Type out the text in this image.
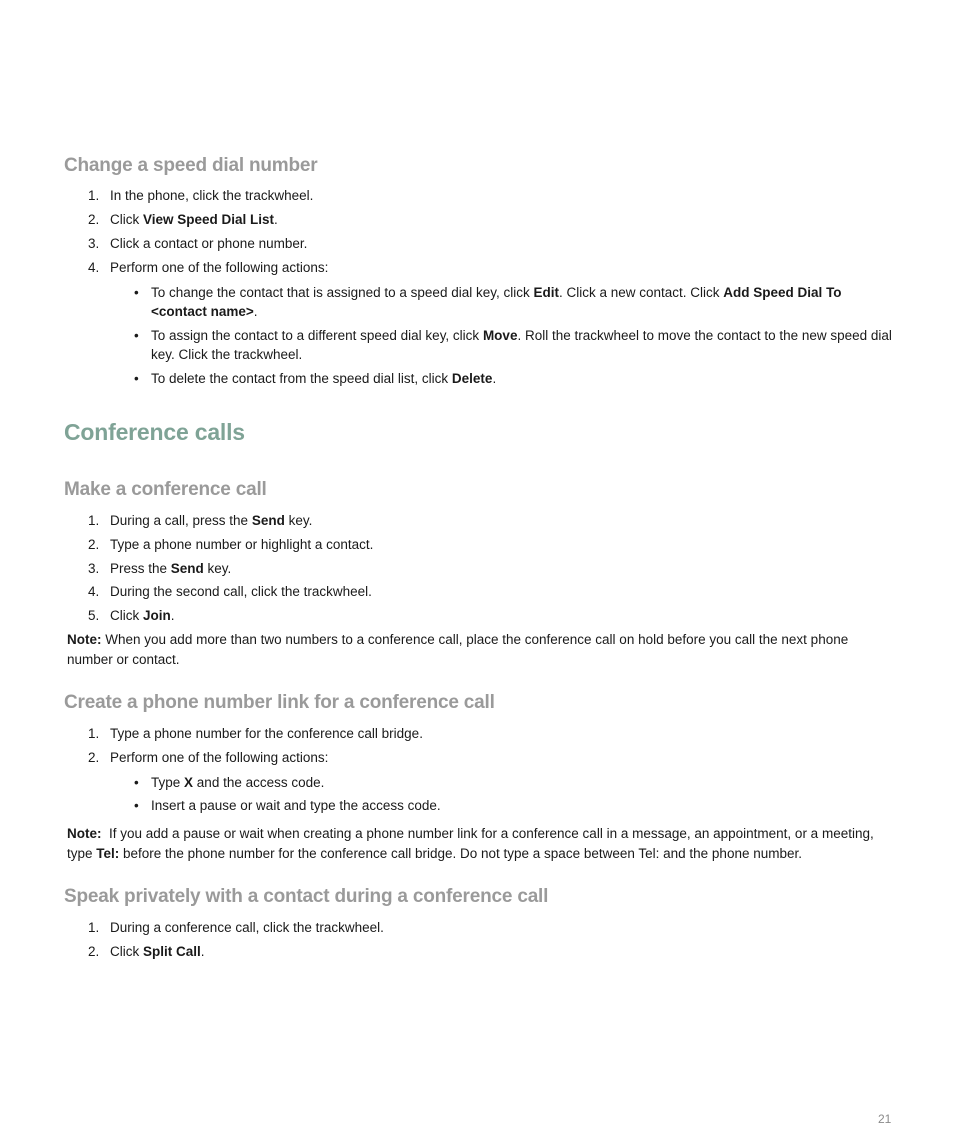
Change a speed dial number
1. In the phone, click the trackwheel.
2. Click View Speed Dial List.
3. Click a contact or phone number.
4. Perform one of the following actions:
• To change the contact that is assigned to a speed dial key, click Edit. Click a new contact. Click Add Speed Dial To <contact name>.
• To assign the contact to a different speed dial key, click Move. Roll the trackwheel to move the contact to the new speed dial key. Click the trackwheel.
• To delete the contact from the speed dial list, click Delete.
Conference calls
Make a conference call
1. During a call, press the Send key.
2. Type a phone number or highlight a contact.
3. Press the Send key.
4. During the second call, click the trackwheel.
5. Click Join.
Note: When you add more than two numbers to a conference call, place the conference call on hold before you call the next phone number or contact.
Create a phone number link for a conference call
1. Type a phone number for the conference call bridge.
2. Perform one of the following actions:
• Type X and the access code.
• Insert a pause or wait and type the access code.
Note: If you add a pause or wait when creating a phone number link for a conference call in a message, an appointment, or a meeting, type Tel: before the phone number for the conference call bridge. Do not type a space between Tel: and the phone number.
Speak privately with a contact during a conference call
1. During a conference call, click the trackwheel.
2. Click Split Call.
21
